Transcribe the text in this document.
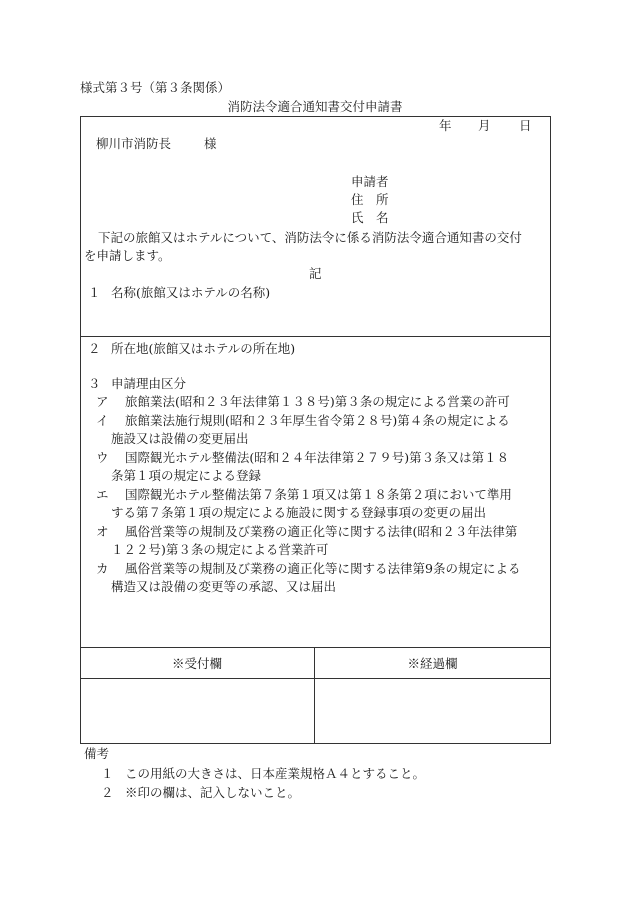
様式第３号（第３条関係）
消防法令適合通知書交付申請書
年 月 日
柳川市消防長	様
申請者
住　所
氏　名
下記の旅館又はホテルについて、消防法令に係る消防法令適合通知書の交付
を申請します。
記
１ 名称(旅館又はホテルの名称)
２ 所在地(旅館又はホテルの所在地)
３ 申請理由区分
ア 旅館業法(昭和２３年法律第１３８号)第３条の規定による営業の許可
イ 旅館業法施行規則(昭和２３年厚生省令第２８号)第４条の規定による
施設又は設備の変更届出
ウ 国際観光ホテル整備法(昭和２４年法律第２７９号)第３条又は第１８
条第１項の規定による登録
エ 国際観光ホテル整備法第７条第１項又は第１８条第２項において準用
する第７条第１項の規定による施設に関する登録事項の変更の届出
オ 風俗営業等の規制及び業務の適正化等に関する法律(昭和２３年法律第
１２２号)第３条の規定による営業許可
カ 風俗営業等の規制及び業務の適正化等に関する法律第9条の規定による
構造又は設備の変更等の承認、又は届出
※受付欄	※経過欄
備考
１ この用紙の大きさは、日本産業規格Ａ４とすること。
２ ※印の欄は、記入しないこと。
